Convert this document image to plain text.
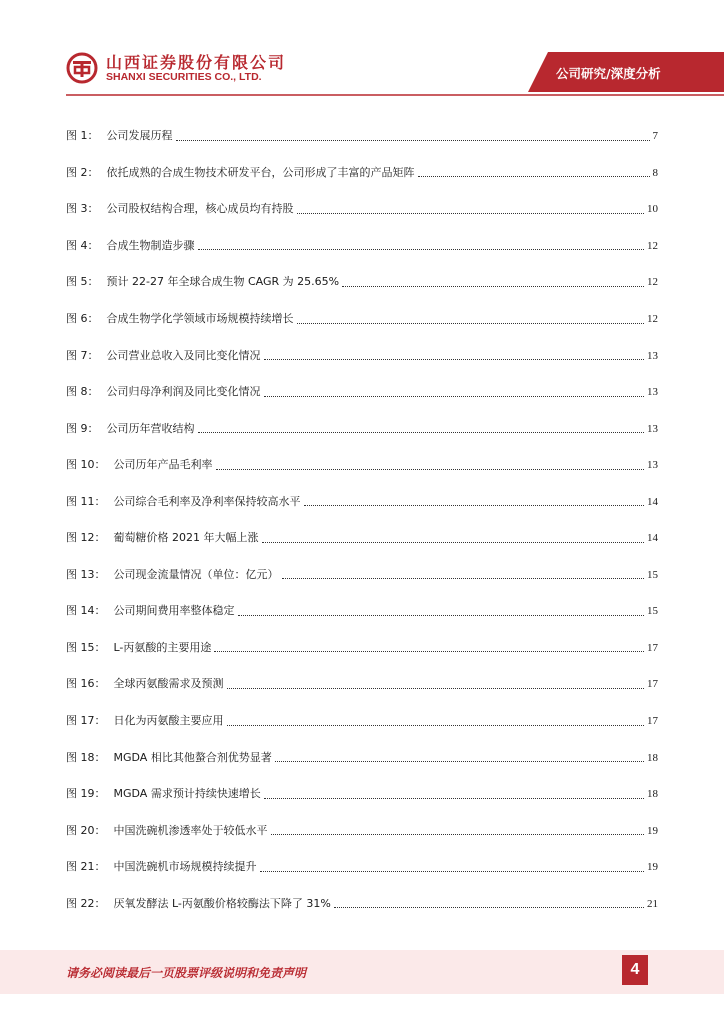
山西证券股份有限公司
SHANXI SECURITIES CO., LTD.	公司研究/深度分析
图 1： 公司发展历程	7
图 2： 依托成熟的合成生物技术研发平台，公司形成了丰富的产品矩阵	8
图 3： 公司股权结构合理，核心成员均有持股	10
图 4： 合成生物制造步骤	12
图 5： 预计 22-27 年全球合成生物 CAGR 为 25.65%	12
图 6： 合成生物学化学领域市场规模持续增长	12
图 7： 公司营业总收入及同比变化情况	13
图 8： 公司归母净利润及同比变化情况	13
图 9： 公司历年营收结构	13
图 10： 公司历年产品毛利率	13
图 11： 公司综合毛利率及净利率保持较高水平	14
图 12： 葡萄糖价格 2021 年大幅上涨	14
图 13： 公司现金流量情况（单位：亿元）	15
图 14： 公司期间费用率整体稳定	15
图 15： L-丙氨酸的主要用途	17
图 16： 全球丙氨酸需求及预测	17
图 17： 日化为丙氨酸主要应用	17
图 18： MGDA 相比其他螯合剂优势显著	18
图 19： MGDA 需求预计持续快速增长	18
图 20： 中国洗碗机渗透率处于较低水平	19
图 21： 中国洗碗机市场规模持续提升	19
图 22： 厌氧发酵法 L-丙氨酸价格较酶法下降了 31%	21
请务必阅读最后一页股票评级说明和免责声明	4
